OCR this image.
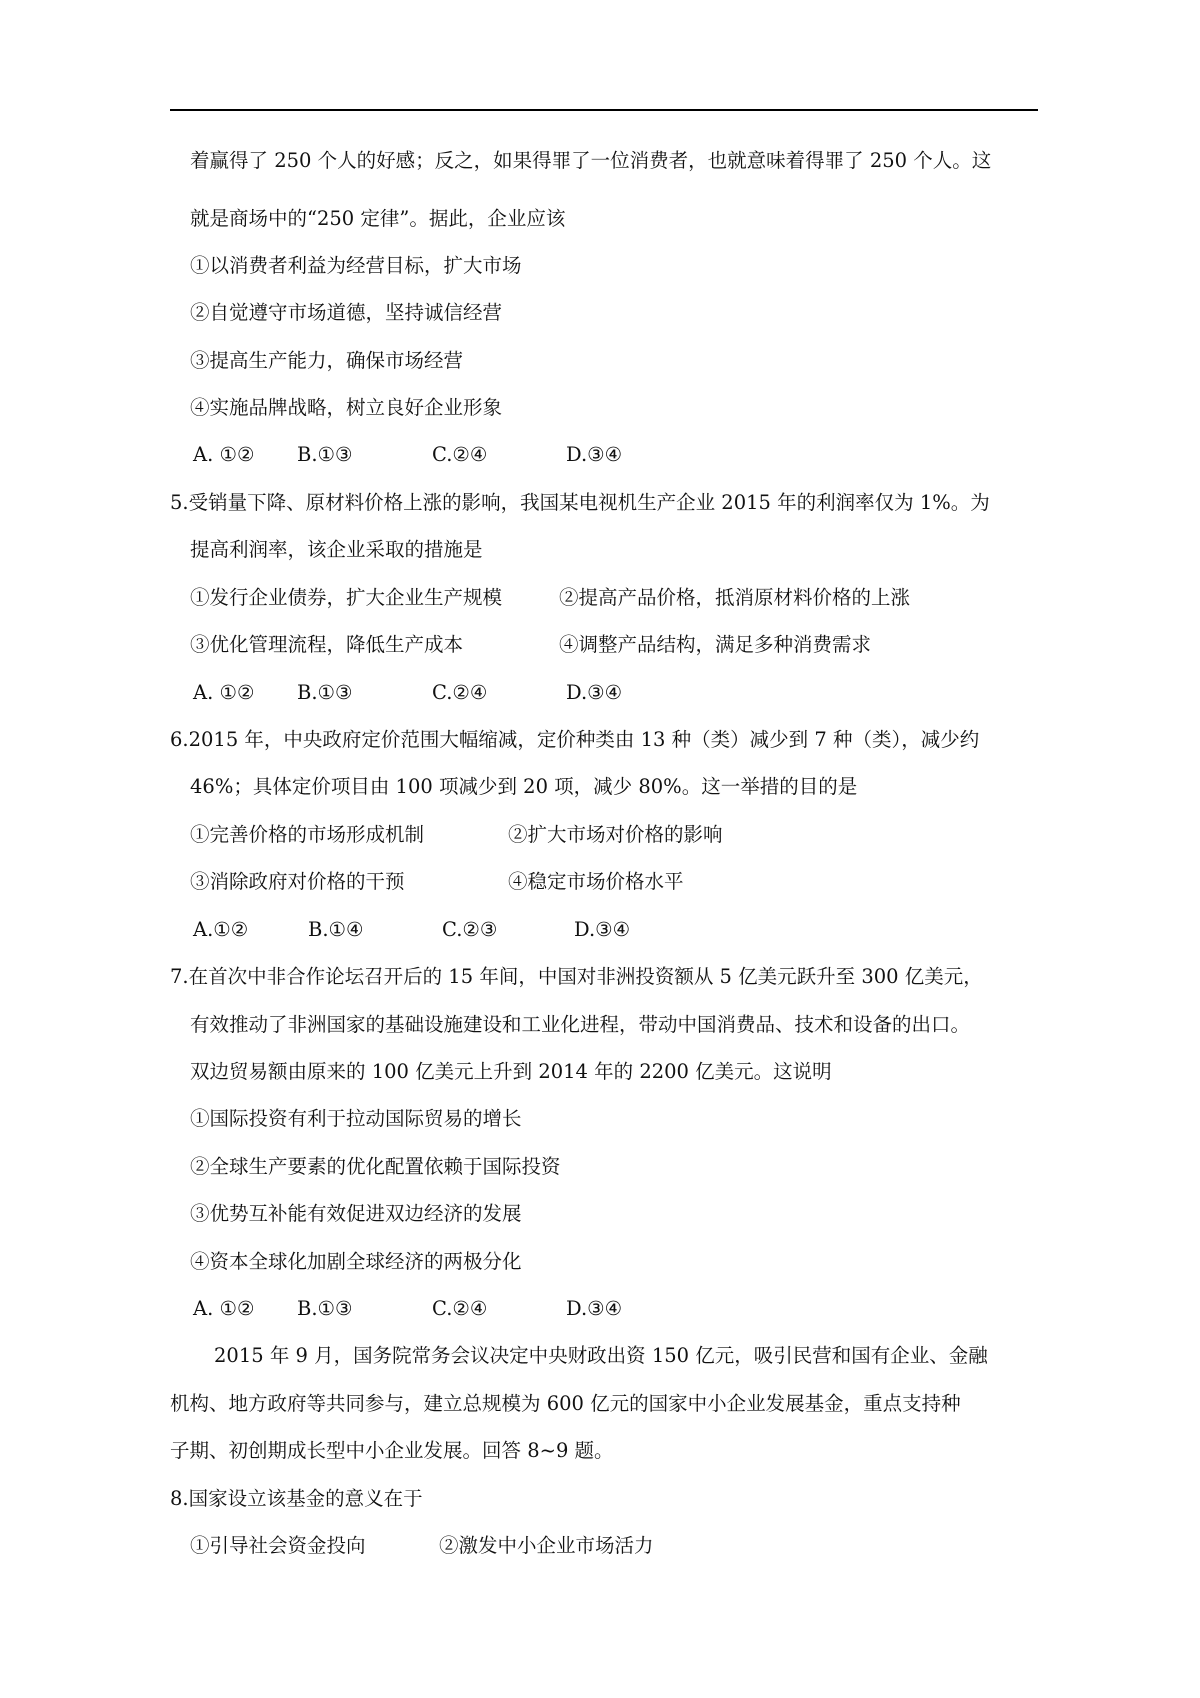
着赢得了 250 个人的好感；反之，如果得罪了一位消费者，也就意味着得罪了 250 个人。这
就是商场中的“250 定律”。据此，企业应该
①以消费者利益为经营目标，扩大市场
②自觉遵守市场道德，坚持诚信经营
③提高生产能力，确保市场经营
④实施品牌战略，树立良好企业形象
A. ①② B.①③	C.②④	D.③④
5.受销量下降、原材料价格上涨的影响，我国某电视机生产企业 2015 年的利润率仅为 1%。为
提高利润率，该企业采取的措施是
①发行企业债券，扩大企业生产规模	②提高产品价格，抵消原材料价格的上涨
③优化管理流程，降低生产成本	④调整产品结构，满足多种消费需求
A. ①② B.①③	C.②④	D.③④
6.2015 年，中央政府定价范围大幅缩减，定价种类由 13 种（类）减少到 7 种（类），减少约
46%；具体定价项目由 100 项减少到 20 项，减少 80%。这一举措的目的是
①完善价格的市场形成机制	②扩大市场对价格的影响
③消除政府对价格的干预	④稳定市场价格水平
A.①②	B.①④	C.②③	D.③④
7.在首次中非合作论坛召开后的 15 年间，中国对非洲投资额从 5 亿美元跃升至 300 亿美元，
有效推动了非洲国家的基础设施建设和工业化进程，带动中国消费品、技术和设备的出口。
双边贸易额由原来的 100 亿美元上升到 2014 年的 2200 亿美元。这说明
①国际投资有利于拉动国际贸易的增长
②全球生产要素的优化配置依赖于国际投资
③优势互补能有效促进双边经济的发展
④资本全球化加剧全球经济的两极分化
A. ①② B.①③	C.②④	D.③④
2015 年 9 月，国务院常务会议决定中央财政出资 150 亿元，吸引民营和国有企业、金融
机构、地方政府等共同参与，建立总规模为 600 亿元的国家中小企业发展基金，重点支持种
子期、初创期成长型中小企业发展。回答 8~9 题。
8.国家设立该基金的意义在于
①引导社会资金投向	②激发中小企业市场活力
